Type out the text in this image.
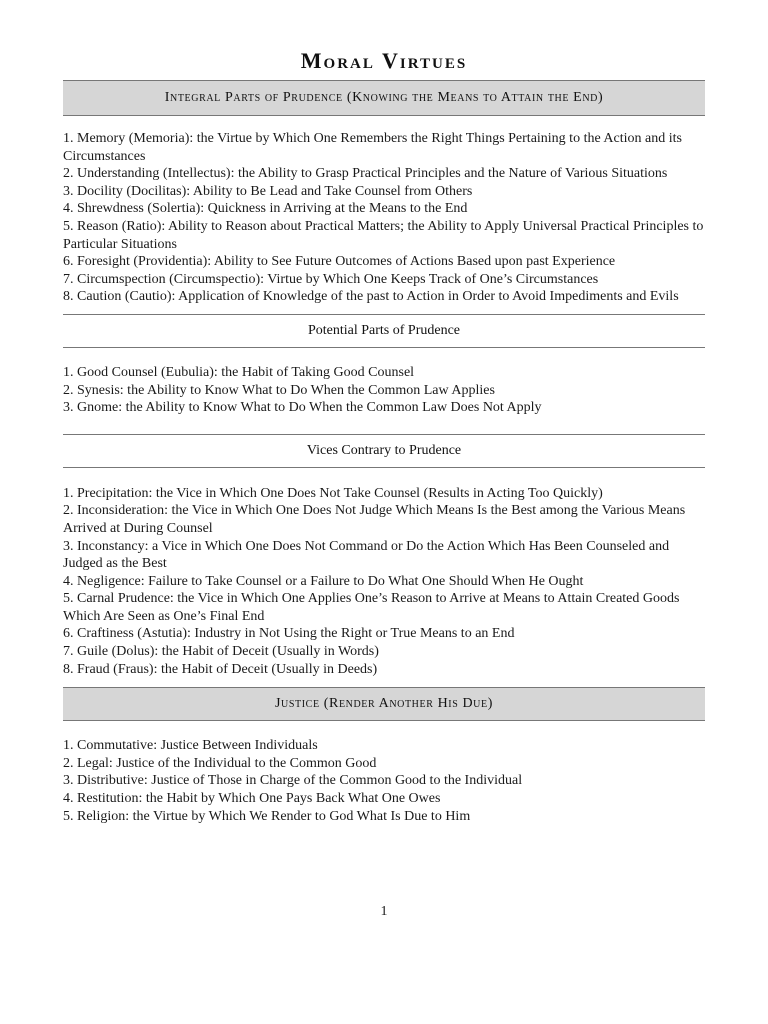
Moral Virtues
Integral Parts of Prudence (Knowing the Means to Attain the End)
1. Memory (Memoria): the Virtue by Which One Remembers the Right Things Pertaining to the Action and its Circumstances
2. Understanding (Intellectus): the Ability to Grasp Practical Principles and the Nature of Various Situations
3. Docility (Docilitas): Ability to Be Lead and Take Counsel from Others
4. Shrewdness (Solertia): Quickness in Arriving at the Means to the End
5. Reason (Ratio): Ability to Reason about Practical Matters; the Ability to Apply Universal Practical Principles to Particular Situations
6. Foresight (Providentia): Ability to See Future Outcomes of Actions Based upon past Experience
7. Circumspection (Circumspectio): Virtue by Which One Keeps Track of One’s Circumstances
8. Caution (Cautio): Application of Knowledge of the past to Action in Order to Avoid Impediments and Evils
Potential Parts of Prudence
1. Good Counsel (Eubulia): the Habit of Taking Good Counsel
2. Synesis: the Ability to Know What to Do When the Common Law Applies
3. Gnome: the Ability to Know What to Do When the Common Law Does Not Apply
Vices Contrary to Prudence
1. Precipitation: the Vice in Which One Does Not Take Counsel (Results in Acting Too Quickly)
2. Inconsideration: the Vice in Which One Does Not Judge Which Means Is the Best among the Various Means Arrived at During Counsel
3. Inconstancy: a Vice in Which One Does Not Command or Do the Action Which Has Been Counseled and Judged as the Best
4. Negligence: Failure to Take Counsel or a Failure to Do What One Should When He Ought
5. Carnal Prudence: the Vice in Which One Applies One’s Reason to Arrive at Means to Attain Created Goods Which Are Seen as One’s Final End
6. Craftiness (Astutia): Industry in Not Using the Right or True Means to an End
7. Guile (Dolus): the Habit of Deceit (Usually in Words)
8. Fraud (Fraus): the Habit of Deceit (Usually in Deeds)
Justice (Render Another His Due)
1. Commutative: Justice Between Individuals
2. Legal: Justice of the Individual to the Common Good
3. Distributive: Justice of Those in Charge of the Common Good to the Individual
4. Restitution: the Habit by Which One Pays Back What One Owes
5. Religion: the Virtue by Which We Render to God What Is Due to Him
1
